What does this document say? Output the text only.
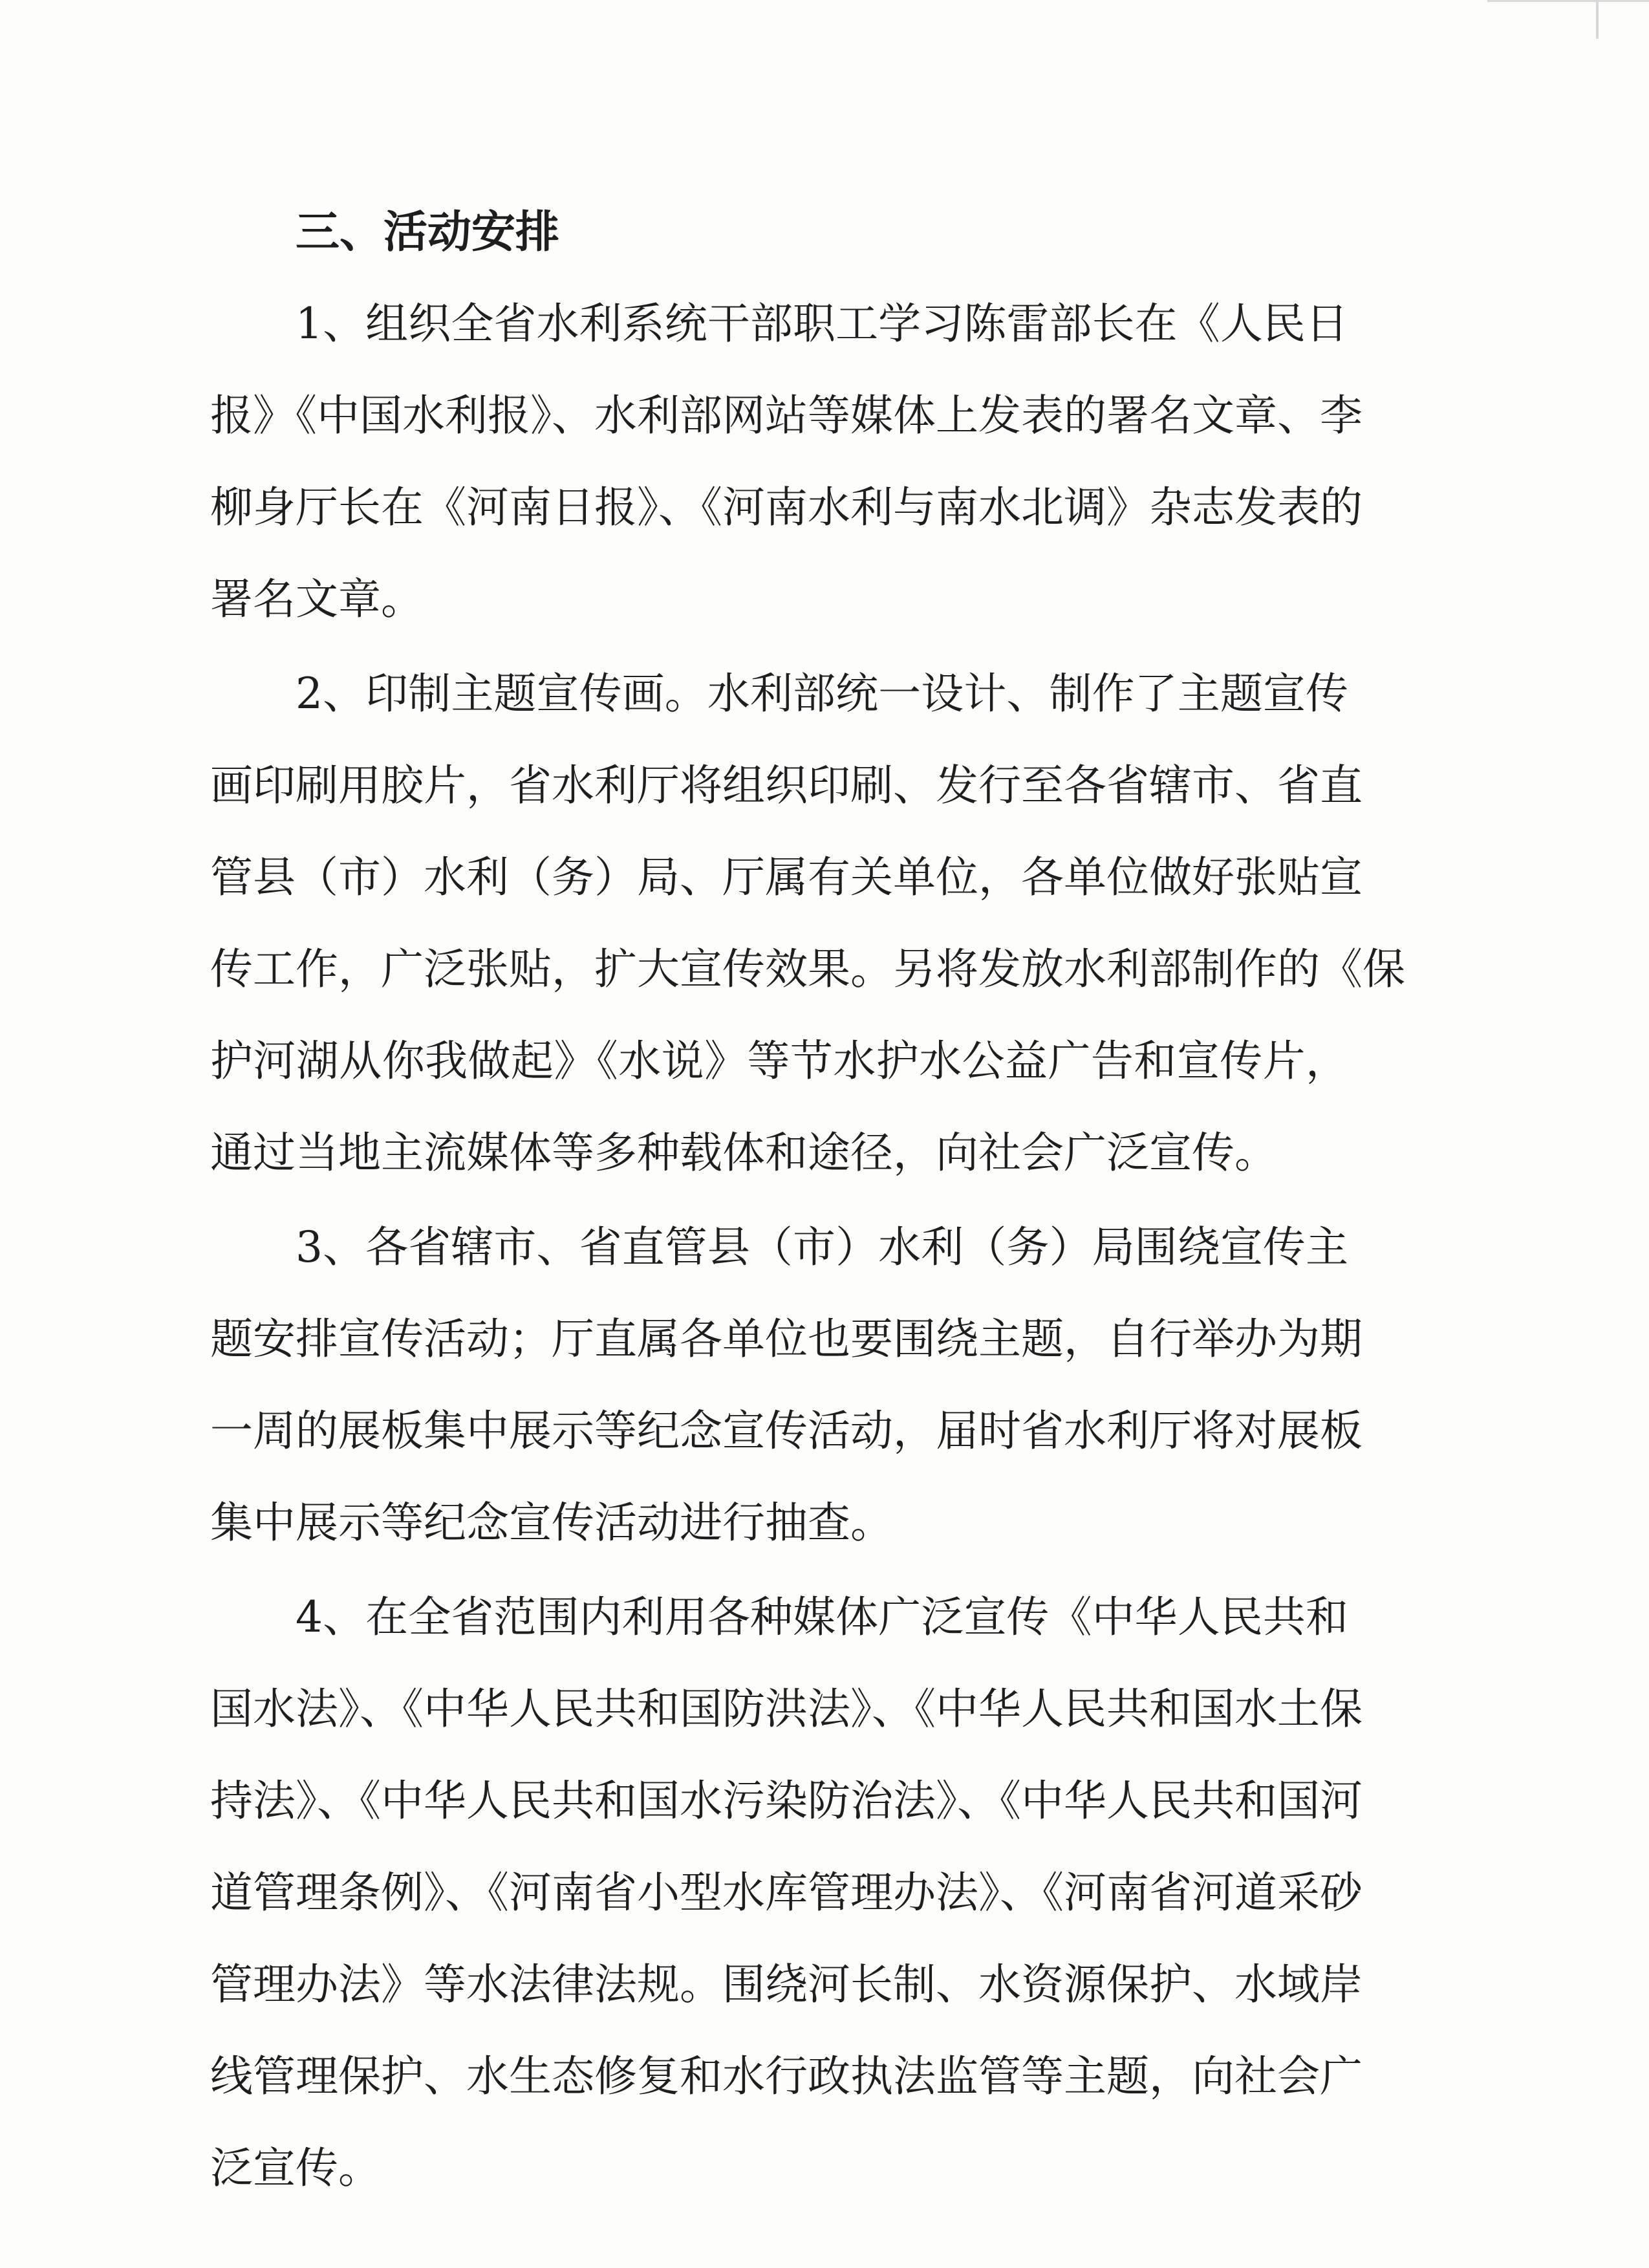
三、活动安排
1、组织全省水利系统干部职工学习陈雷部长在《人民日
报》《中国水利报》、水利部网站等媒体上发表的署名文章、李
柳身厅长在《河南日报》、《河南水利与南水北调》杂志发表的
署名文章。
2、印制主题宣传画。水利部统一设计、制作了主题宣传
画印刷用胶片，省水利厅将组织印刷、发行至各省辖市、省直
管县（市）水利（务）局、厅属有关单位，各单位做好张贴宣
传工作，广泛张贴，扩大宣传效果。另将发放水利部制作的《保
护河湖从你我做起》《水说》等节水护水公益广告和宣传片，
通过当地主流媒体等多种载体和途径，向社会广泛宣传。
3、各省辖市、省直管县（市）水利（务）局围绕宣传主
题安排宣传活动；厅直属各单位也要围绕主题，自行举办为期
一周的展板集中展示等纪念宣传活动，届时省水利厅将对展板
集中展示等纪念宣传活动进行抽查。
4、在全省范围内利用各种媒体广泛宣传《中华人民共和
国水法》、《中华人民共和国防洪法》、《中华人民共和国水土保
持法》、《中华人民共和国水污染防治法》、《中华人民共和国河
道管理条例》、《河南省小型水库管理办法》、《河南省河道采砂
管理办法》等水法律法规。围绕河长制、水资源保护、水域岸
线管理保护、水生态修复和水行政执法监管等主题，向社会广
泛宣传。
